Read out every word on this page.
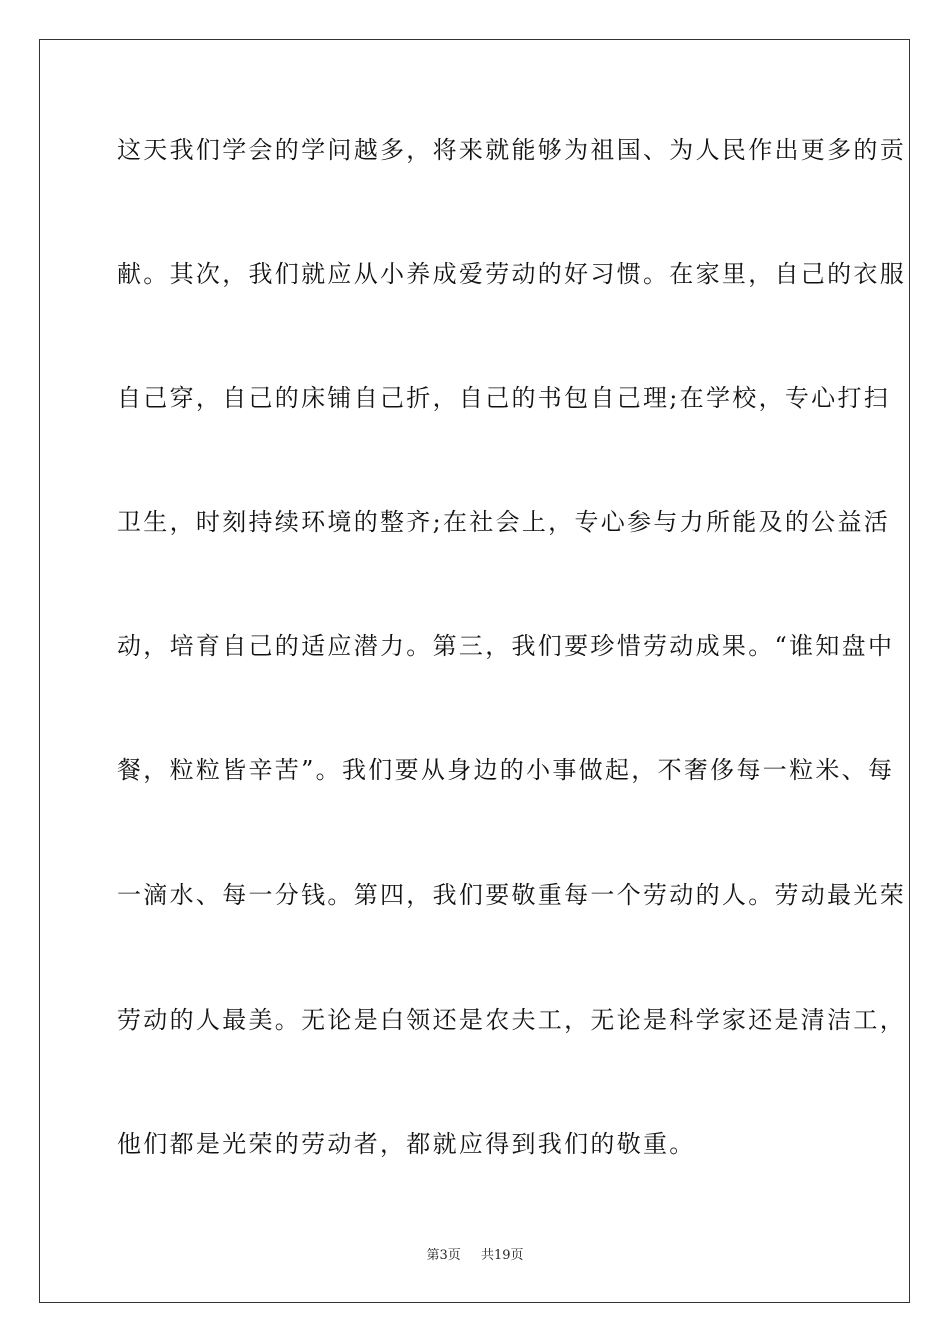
这天我们学会的学问越多，将来就能够为祖国、为人民作出更多的贡
献。其次，我们就应从小养成爱劳动的好习惯。在家里，自己的衣服
自己穿，自己的床铺自己折，自己的书包自己理;在学校，专心打扫
卫生，时刻持续环境的整齐;在社会上，专心参与力所能及的公益活
动，培育自己的适应潜力。第三，我们要珍惜劳动成果。“谁知盘中
餐，粒粒皆辛苦”。我们要从身边的小事做起，不奢侈每一粒米、每
一滴水、每一分钱。第四，我们要敬重每一个劳动的人。劳动最光荣
劳动的人最美。无论是白领还是农夫工，无论是科学家还是清洁工，
他们都是光荣的劳动者，都就应得到我们的敬重。
第3页 共19页
